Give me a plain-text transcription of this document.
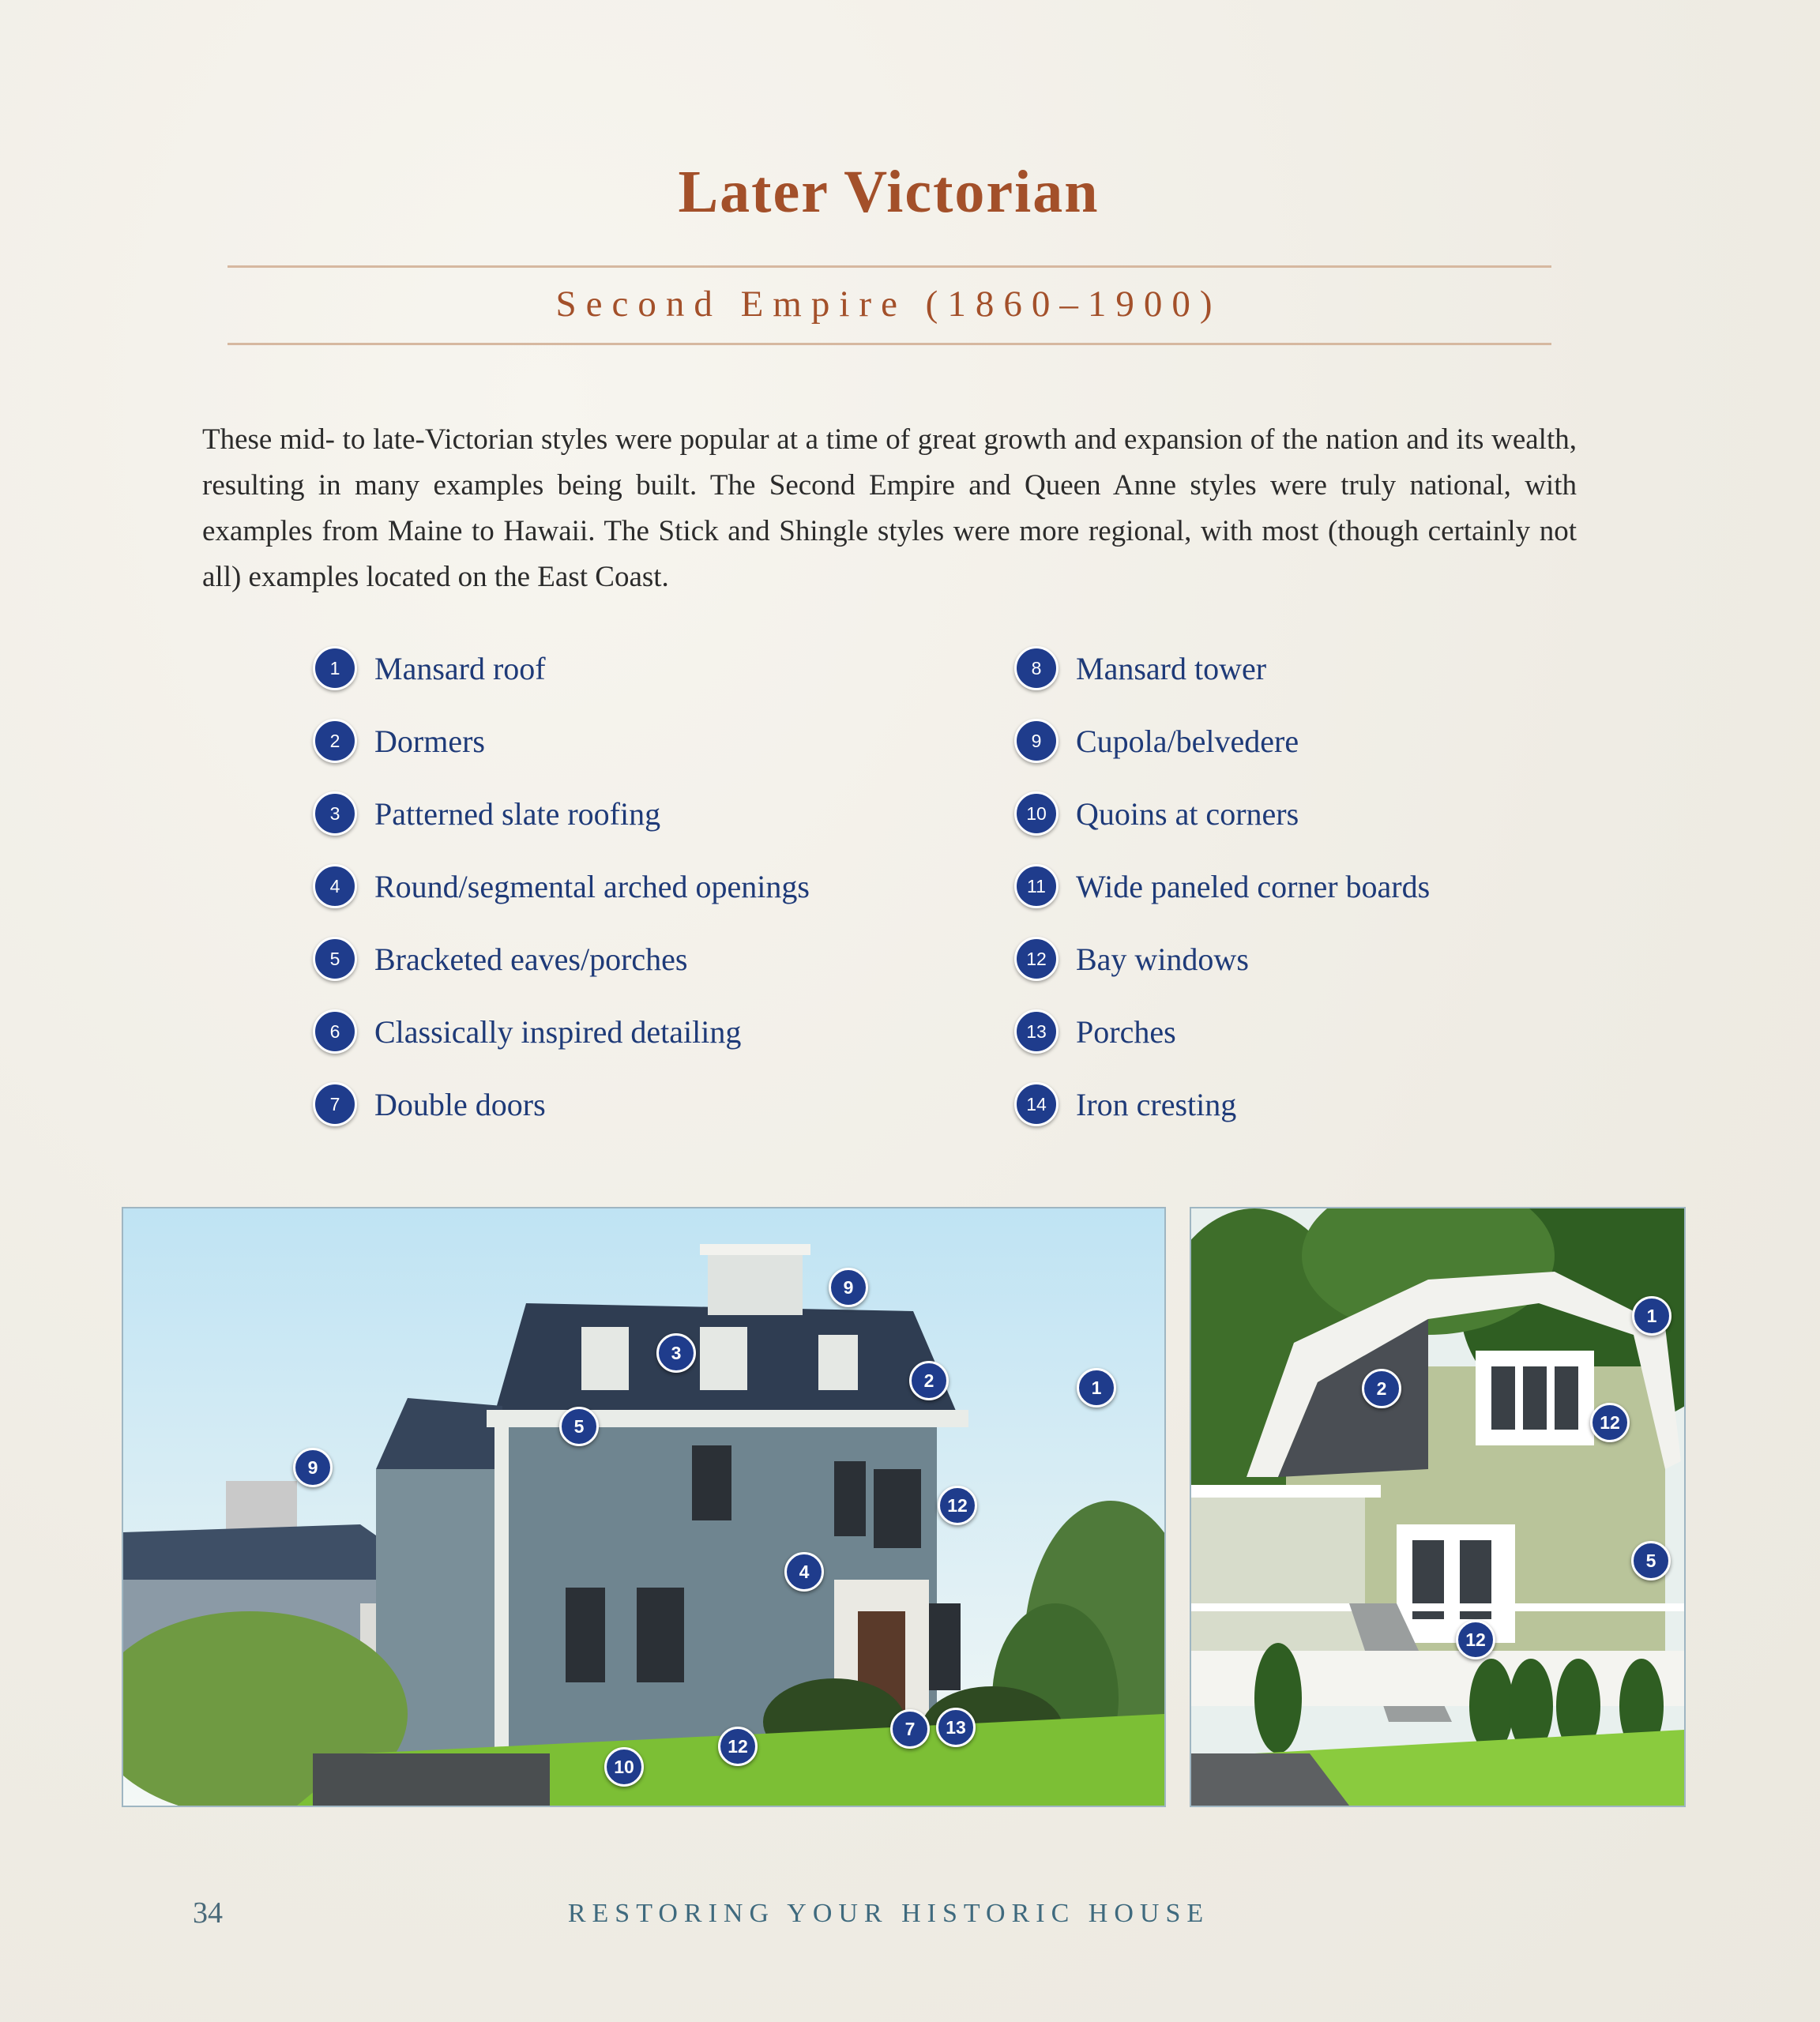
Later Victorian
Second Empire (1860–1900)

These mid- to late-Victorian styles were popular at a time of great growth and expansion of the nation and its wealth, resulting in many examples being built. The Second Empire and Queen Anne styles were truly national, with examples from Maine to Hawaii. The Stick and Shingle styles were more regional, with most (though certainly not all) examples located on the East Coast.

1	Mansard roof
2	Dormers
3	Patterned slate roofing
4	Round/segmental arched openings
5	Bracketed eaves/porches
6	Classically inspired detailing
7	Double doors
8	Mansard tower
9	Cupola/belvedere
10 Quoins at corners
11 Wide paneled corner boards
12 Bay windows
13 Porches
14 Iron cresting
9
3
2	1
5
9
12
4
7	13
12
10
1
2
12
5
12
34	RESTORING YOUR HISTORIC HOUSE
